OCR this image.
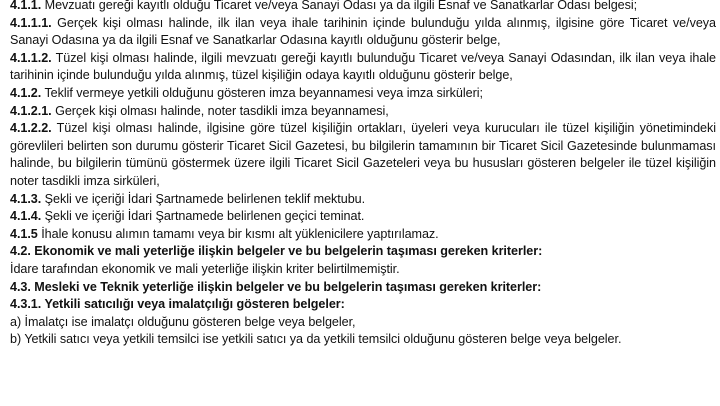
4.1.1. Mevzuatı gereği kayıtlı olduğu Ticaret ve/veya Sanayi Odası ya da ilgili Esnaf ve Sanatkarlar Odası belgesi;

4.1.1.1. Gerçek kişi olması halinde, ilk ilan veya ihale tarihinin içinde bulunduğu yılda alınmış, ilgisine göre Ticaret ve/veya Sanayi Odasına ya da ilgili Esnaf ve Sanatkarlar Odasına kayıtlı olduğunu gösterir belge,

4.1.1.2. Tüzel kişi olması halinde, ilgili mevzuatı gereği kayıtlı bulunduğu Ticaret ve/veya Sanayi Odasından, ilk ilan veya ihale tarihinin içinde bulunduğu yılda alınmış, tüzel kişiliğin odaya kayıtlı olduğunu gösterir belge,

4.1.2. Teklif vermeye yetkili olduğunu gösteren imza beyannamesi veya imza sirküleri;

4.1.2.1. Gerçek kişi olması halinde, noter tasdikli imza beyannamesi,

4.1.2.2. Tüzel kişi olması halinde, ilgisine göre tüzel kişiliğin ortakları, üyeleri veya kurucuları ile tüzel kişiliğin yönetimindeki görevlileri belirten son durumu gösterir Ticaret Sicil Gazetesi, bu bilgilerin tamamının bir Ticaret Sicil Gazetesinde bulunmaması halinde, bu bilgilerin tümünü göstermek üzere ilgili Ticaret Sicil Gazeteleri veya bu hususları gösteren belgeler ile tüzel kişiliğin noter tasdikli imza sirküleri,

4.1.3. Şekli ve içeriği İdari Şartnamede belirlenen teklif mektubu.

4.1.4. Şekli ve içeriği İdari Şartnamede belirlenen geçici teminat.

4.1.5 İhale konusu alımın tamamı veya bir kısmı alt yüklenicilere yaptırılamaz.

4.2. Ekonomik ve mali yeterliğe ilişkin belgeler ve bu belgelerin taşıması gereken kriterler:

İdare tarafından ekonomik ve mali yeterliğe ilişkin kriter belirtilmemiştir.

4.3. Mesleki ve Teknik yeterliğe ilişkin belgeler ve bu belgelerin taşıması gereken kriterler:

4.3.1. Yetkili satıcılığı veya imalatçılığı gösteren belgeler:

a) İmalatçı ise imalatçı olduğunu gösteren belge veya belgeler,

b) Yetkili satıcı veya yetkili temsilci ise yetkili satıcı ya da yetkili temsilci olduğunu gösteren belge veya belgeler.
